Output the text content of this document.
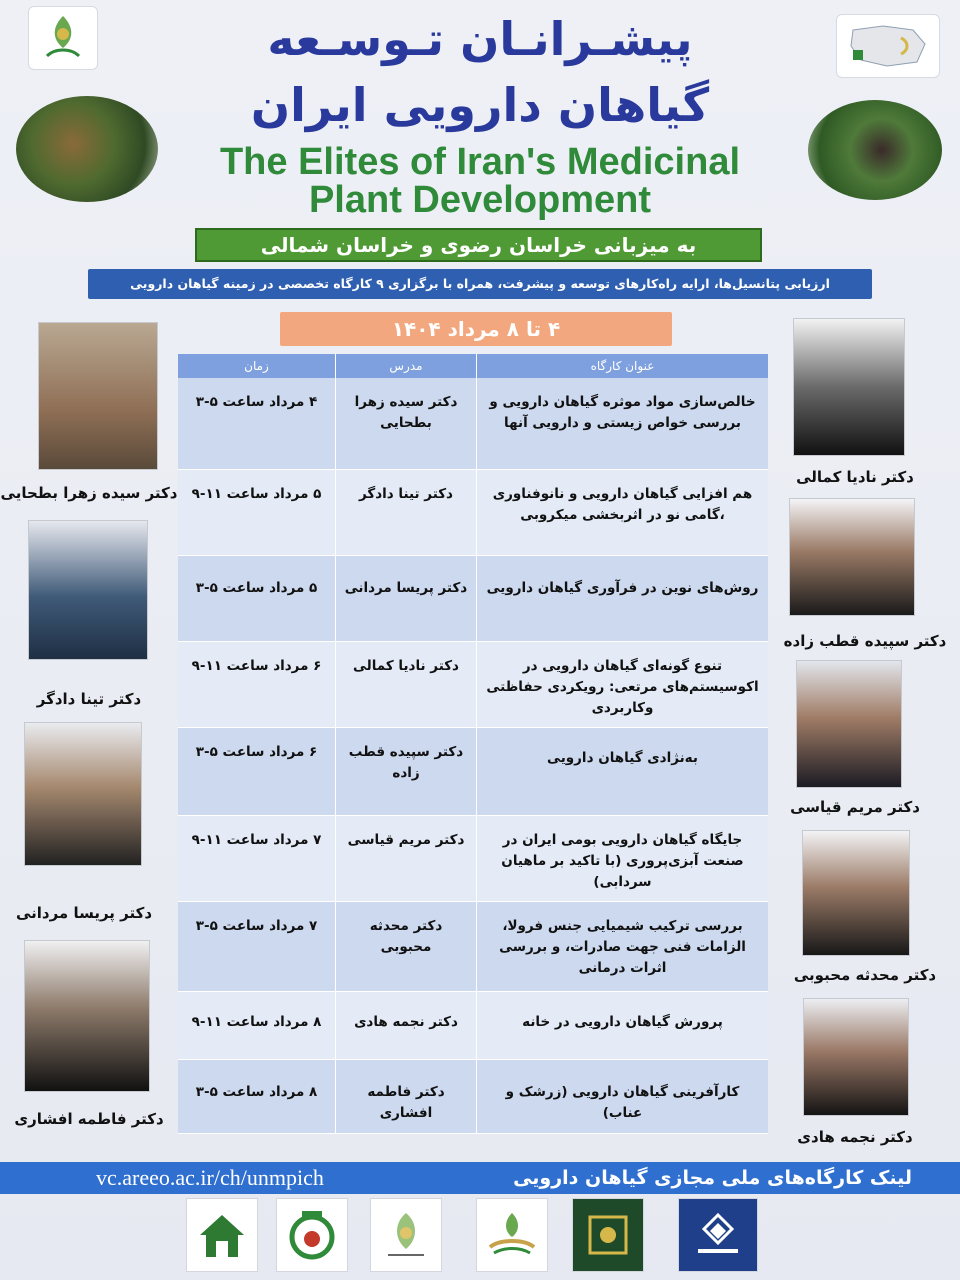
پیشـرانـان تـوسـعه
گیاهان دارویی ایران
The Elites of Iran's Medicinal
Plant Development
به میزبانی خراسان رضوی و خراسان شمالی
ارزیابی پتانسیل‌ها، ارایه راه‌کارهای توسعه و پیشرفت، همراه با برگزاری ۹ کارگاه تخصصی در زمینه گیاهان دارویی
۴ تا ۸ مرداد ۱۴۰۴
عنوان کارگاه
مدرس
زمان
خالص‌سازی مواد موثره گیاهان دارویی و بررسی خواص زیستی و دارویی آنها
دکتر سیده زهرا بطحایی
۴ مرداد ساعت ۵-۳
هم افزایی گیاهان دارویی و نانوفناوری ،گامی نو در اثربخشی میکروبی
دکتر تینا دادگر
۵ مرداد ساعت ۱۱-۹
روش‌های نوین در فرآوری گیاهان دارویی
دکتر پریسا مردانی
۵ مرداد ساعت ۵-۳
تنوع گونه‌ای گیاهان دارویی در اکوسیستم‌های مرتعی: رویکردی حفاظتی وکاربردی
دکتر نادیا کمالی
۶ مرداد ساعت ۱۱-۹
به‌نژادی گیاهان دارویی
دکتر سپیده قطب زاده
۶ مرداد ساعت ۵-۳
جایگاه گیاهان دارویی بومی ایران در صنعت آبزی‌پروری (با تاکید بر ماهیان سردابی)
دکتر مریم قیاسی
۷ مرداد ساعت ۱۱-۹
بررسی ترکیب شیمیایی جنس فرولا، الزامات فنی جهت صادرات، و بررسی اثرات درمانی
دکتر محدثه محبوبی
۷ مرداد ساعت ۵-۳
پرورش گیاهان دارویی در خانه
دکتر نجمه هادی
۸ مرداد ساعت ۱۱-۹
کارآفرینی گیاهان دارویی (زرشک و عناب)
دکتر فاطمه افشاری
۸ مرداد ساعت ۵-۳
دکتر سیده زهرا بطحایی
دکتر تینا دادگر
دکتر پریسا مردانی
دکتر فاطمه افشاری
دکتر نادیا کمالی
دکتر سپیده قطب زاده
دکتر مریم قیاسی
دکتر محدثه محبوبی
دکتر نجمه هادی
vc.areeo.ac.ir/ch/unmpich	لینک کارگاه‌های ملی مجازی گیاهان دارویی
